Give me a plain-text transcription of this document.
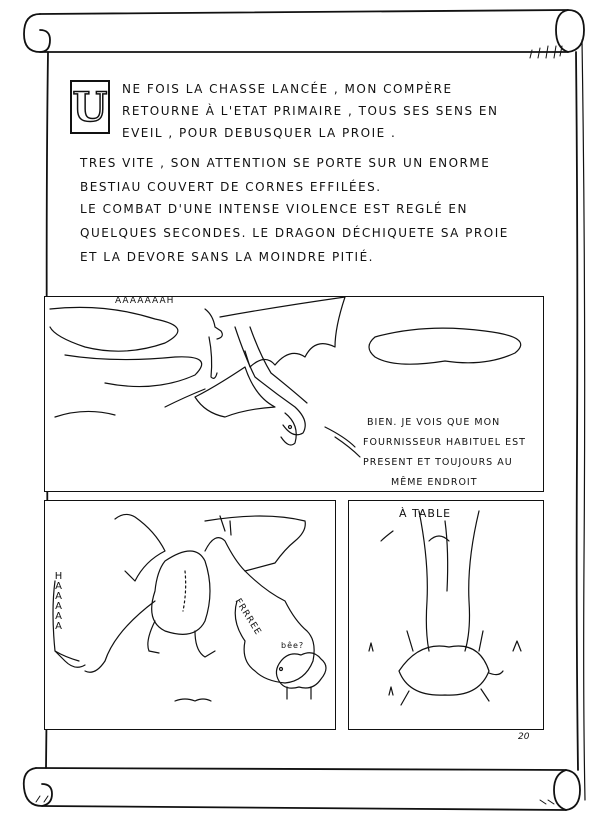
U NE FOIS LA CHASSE LANCÉE , MON COMPÈRE
RETOURNE À L'ETAT PRIMAIRE , TOUS SES SENS EN
EVEIL , POUR DEBUSQUER LA PROIE .
TRES VITE , SON ATTENTION SE PORTE SUR UN ENORME
BESTIAU COUVERT DE CORNES EFFILÉES.
LE COMBAT D'UNE INTENSE VIOLENCE EST REGLÉ EN
QUELQUES SECONDES. LE DRAGON DÉCHIQUETE SA PROIE
ET LA DEVORE SANS LA MOINDRE PITIÉ.
AAAAAAAH
BIEN. JE VOIS QUE MON
FOURNISSEUR HABITUEL EST
PRESENT ET TOUJOURS AU
MÊME ENDROIT
HAAAAA	FRRREE
bêe?
À TABLE
20
